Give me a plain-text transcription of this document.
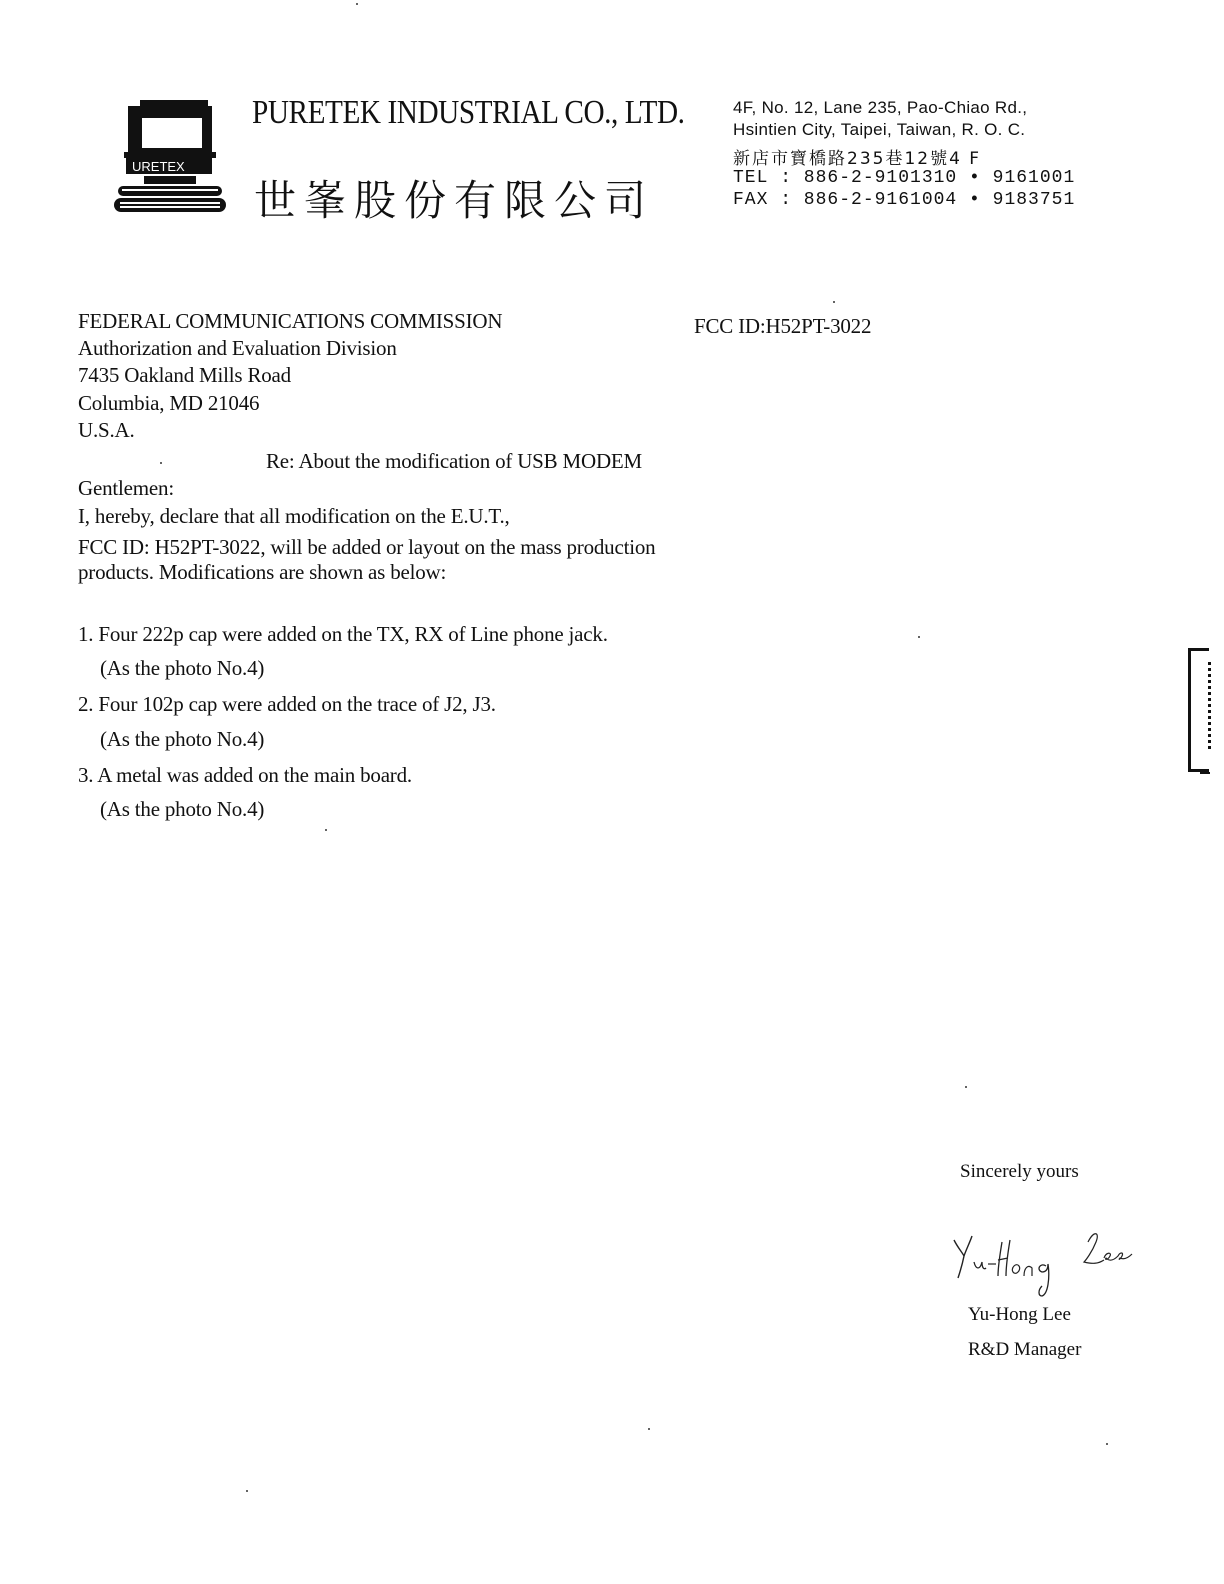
URETEX
PURETEK INDUSTRIAL CO., LTD.
世峯股份有限公司
4F, No. 12, Lane 235, Pao-Chiao Rd.,
Hsintien City, Taipei, Taiwan, R. O. C.
新店市寶橋路235巷12號4 F
TEL : 886-2-9101310 • 9161001
FAX : 886-2-9161004 • 9183751
FEDERAL COMMUNICATIONS COMMISSION
Authorization and Evaluation Division
7435 Oakland Mills Road
Columbia, MD 21046
U.S.A.
FCC ID:H52PT-3022
Re: About the modification of USB MODEM
Gentlemen:
I, hereby, declare that all modification on the E.U.T.,
FCC ID: H52PT-3022, will be added or layout on the mass production
products. Modifications are shown as below:
1. Four 222p cap were added on the TX, RX of Line phone jack.
(As the photo No.4)
2. Four 102p cap were added on the trace of J2, J3.
(As the photo No.4)
3. A metal was added on the main board.
(As the photo No.4)
Sincerely yours
Yu-Hong Lee
R&D Manager
